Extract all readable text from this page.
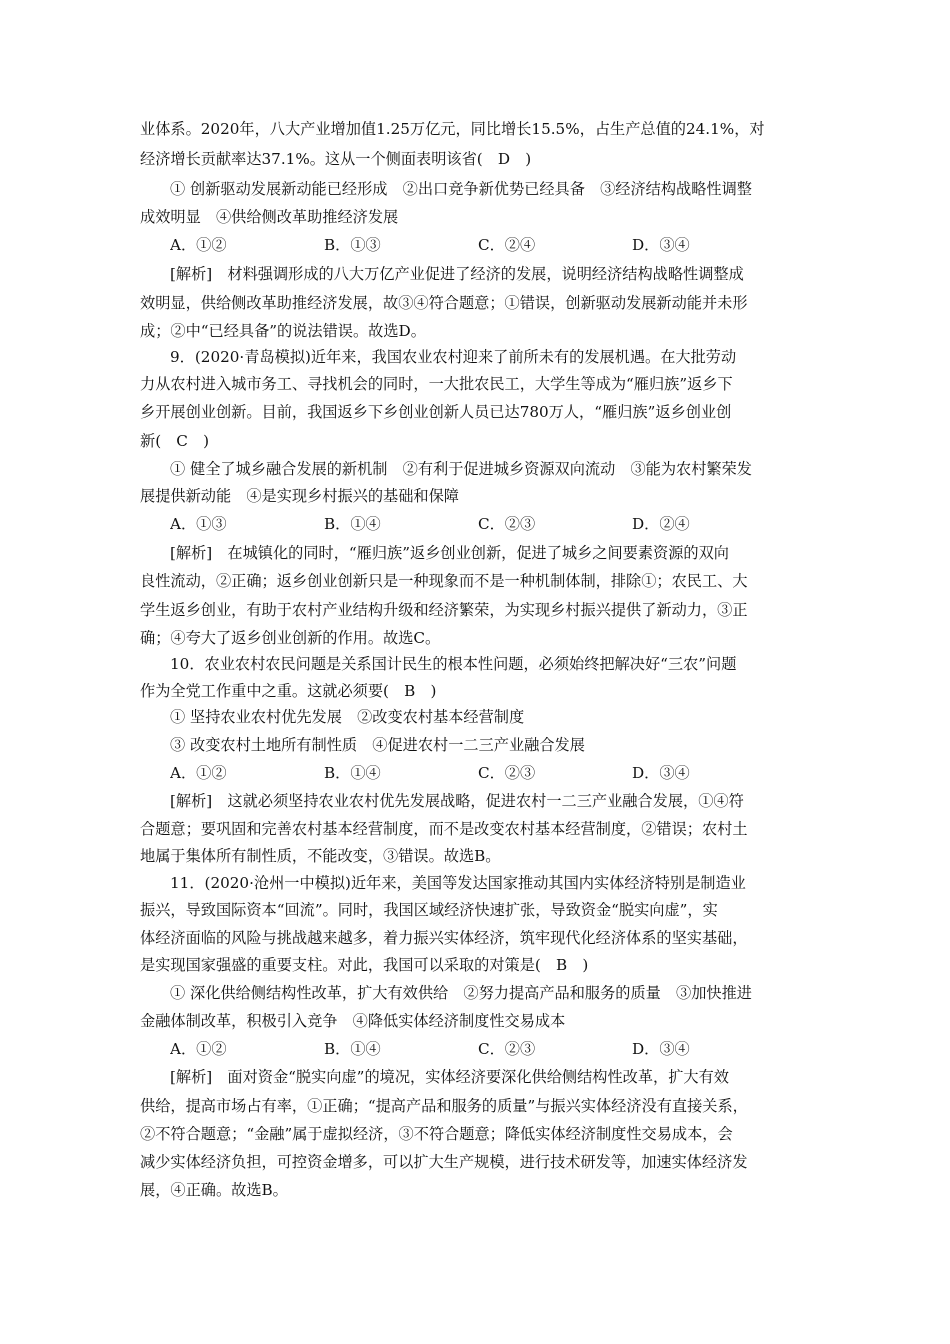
业体系。2020年，八大产业增加值1.25万亿元，同比增长15.5%，占生产总值的24.1%，对
经济增长贡献率达37.1%。这从一个侧面表明该省(　D　)
① 创新驱动发展新动能已经形成　②出口竞争新优势已经具备　③经济结构战略性调整
成效明显　④供给侧改革助推经济发展
A．①②	B．①③	C．②④	D．③④
[解析]　材料强调形成的八大万亿产业促进了经济的发展，说明经济结构战略性调整成
效明显，供给侧改革助推经济发展，故③④符合题意；①错误，创新驱动发展新动能并未形
成；②中“已经具备”的说法错误。故选D。
9．(2020·青岛模拟)近年来，我国农业农村迎来了前所未有的发展机遇。在大批劳动
力从农村进入城市务工、寻找机会的同时，一大批农民工，大学生等成为“雁归族”返乡下
乡开展创业创新。目前，我国返乡下乡创业创新人员已达780万人，“雁归族”返乡创业创
新(　C　)
① 健全了城乡融合发展的新机制　②有利于促进城乡资源双向流动　③能为农村繁荣发
展提供新动能　④是实现乡村振兴的基础和保障
A．①③	B．①④	C．②③	D．②④
[解析]　在城镇化的同时，“雁归族”返乡创业创新，促进了城乡之间要素资源的双向
良性流动，②正确；返乡创业创新只是一种现象而不是一种机制体制，排除①；农民工、大
学生返乡创业，有助于农村产业结构升级和经济繁荣，为实现乡村振兴提供了新动力，③正
确；④夸大了返乡创业创新的作用。故选C。
10．农业农村农民问题是关系国计民生的根本性问题，必须始终把解决好“三农”问题
作为全党工作重中之重。这就必须要(　B　)
① 坚持农业农村优先发展　②改变农村基本经营制度
③ 改变农村土地所有制性质　④促进农村一二三产业融合发展
A．①②	B．①④	C．②③	D．③④
[解析]　这就必须坚持农业农村优先发展战略，促进农村一二三产业融合发展，①④符
合题意；要巩固和完善农村基本经营制度，而不是改变农村基本经营制度，②错误；农村土
地属于集体所有制性质，不能改变，③错误。故选B。
11．(2020·沧州一中模拟)近年来，美国等发达国家推动其国内实体经济特别是制造业
振兴，导致国际资本“回流”。同时，我国区域经济快速扩张，导致资金“脱实向虚”，实
体经济面临的风险与挑战越来越多，着力振兴实体经济，筑牢现代化经济体系的坚实基础，
是实现国家强盛的重要支柱。对此，我国可以采取的对策是(　B　)
① 深化供给侧结构性改革，扩大有效供给　②努力提高产品和服务的质量　③加快推进
金融体制改革，积极引入竞争　④降低实体经济制度性交易成本
A．①②	B．①④	C．②③	D．③④
[解析]　面对资金“脱实向虚”的境况，实体经济要深化供给侧结构性改革，扩大有效
供给，提高市场占有率，①正确；“提高产品和服务的质量”与振兴实体经济没有直接关系，
②不符合题意；“金融”属于虚拟经济，③不符合题意；降低实体经济制度性交易成本，会
减少实体经济负担，可控资金增多，可以扩大生产规模，进行技术研发等，加速实体经济发
展，④正确。故选B。
